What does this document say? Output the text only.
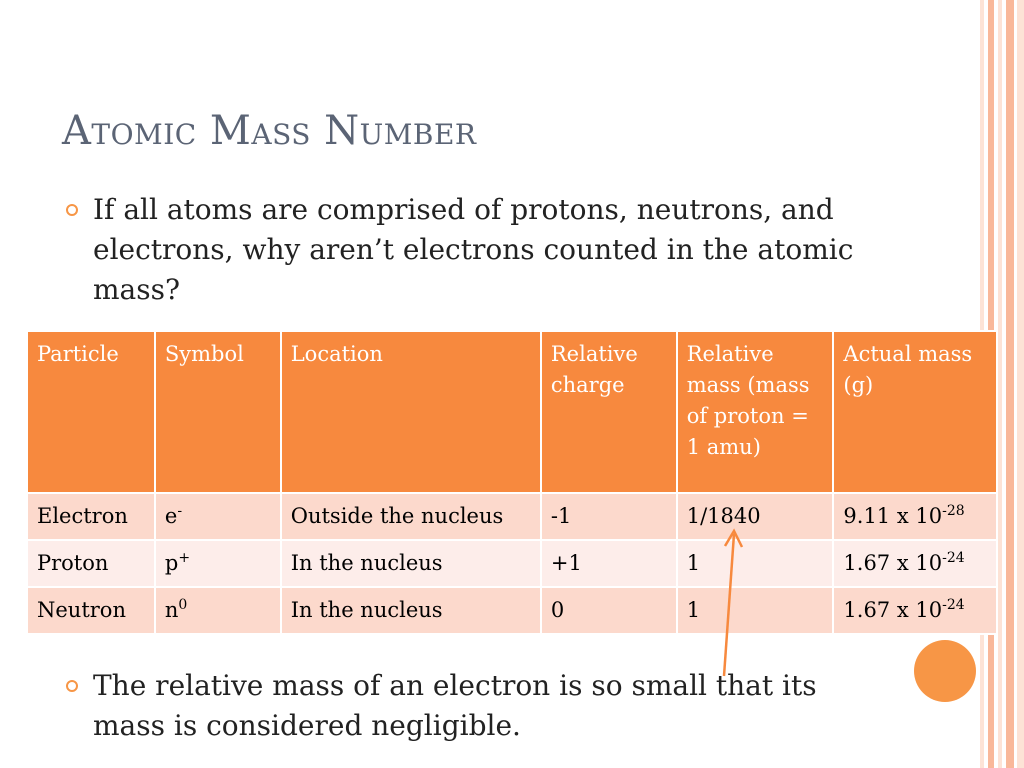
Atomic Mass Number
If all atoms are comprised of protons, neutrons, and electrons, why aren’t electrons counted in the atomic mass?
Particle	Symbol	Location	Relative charge	Relative mass (mass of proton = 1 amu)	Actual mass (g)
Electron	e-	Outside the nucleus	-1	1/1840	9.11 x $10^{-28}$
Proton	p+	In the nucleus	+1	1	1.67 x $10^{-24}$
Neutron	$n^0$	In the nucleus	0	1	1.67 x $10^{-24}$
The relative mass of an electron is so small that its mass is considered negligible.
